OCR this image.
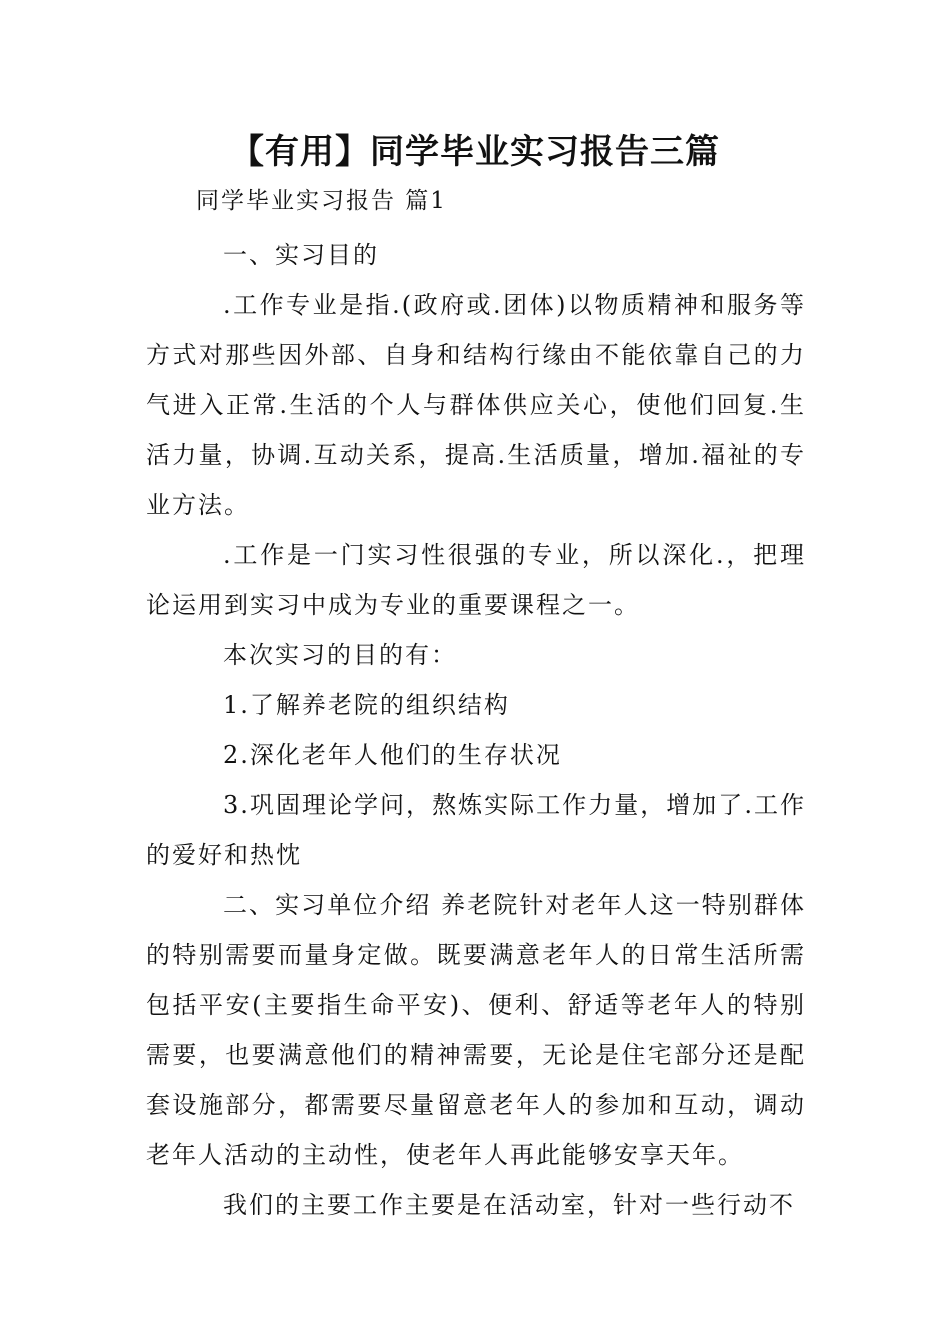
【有用】同学毕业实习报告三篇
同学毕业实习报告 篇1

一、实习目的

.工作专业是指.(政府或.团体)以物质精神和服务等方式对那些因外部、自身和结构行缘由不能依靠自己的力气进入正常.生活的个人与群体供应关心，使他们回复.生活力量，协调.互动关系，提高.生活质量，增加.福祉的专业方法。

.工作是一门实习性很强的专业，所以深化.，把理论运用到实习中成为专业的重要课程之一。

本次实习的目的有：

1.了解养老院的组织结构

2.深化老年人他们的生存状况

3.巩固理论学问，熬炼实际工作力量，增加了.工作的爱好和热忱

二、实习单位介绍 养老院针对老年人这一特别群体的特别需要而量身定做。既要满意老年人的日常生活所需包括平安(主要指生命平安)、便利、舒适等老年人的特别需要，也要满意他们的精神需要，无论是住宅部分还是配套设施部分，都需要尽量留意老年人的参加和互动，调动老年人活动的主动性，使老年人再此能够安享天年。

我们的主要工作主要是在活动室，针对一些行动不
